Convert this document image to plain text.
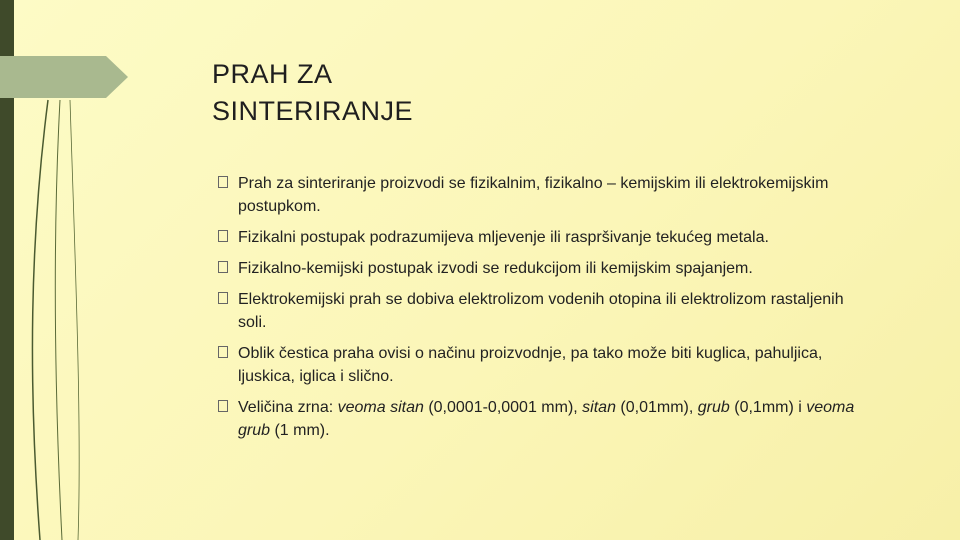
PRAH ZA
SINTERIRANJE
Prah za sinteriranje proizvodi se fizikalnim, fizikalno – kemijskim ili elektrokemijskim postupkom.
Fizikalni postupak podrazumijeva mljevenje ili raspršivanje tekućeg metala.
Fizikalno-kemijski postupak izvodi se redukcijom ili kemijskim spajanjem.
Elektrokemijski prah se dobiva elektrolizom vodenih otopina ili elektrolizom rastaljenih soli.
Oblik čestica praha ovisi o načinu proizvodnje, pa tako može biti kuglica, pahuljica, ljuskica, iglica i slično.
Veličina zrna: veoma sitan (0,0001-0,0001 mm), sitan (0,01mm), grub (0,1mm) i veoma grub (1 mm).
